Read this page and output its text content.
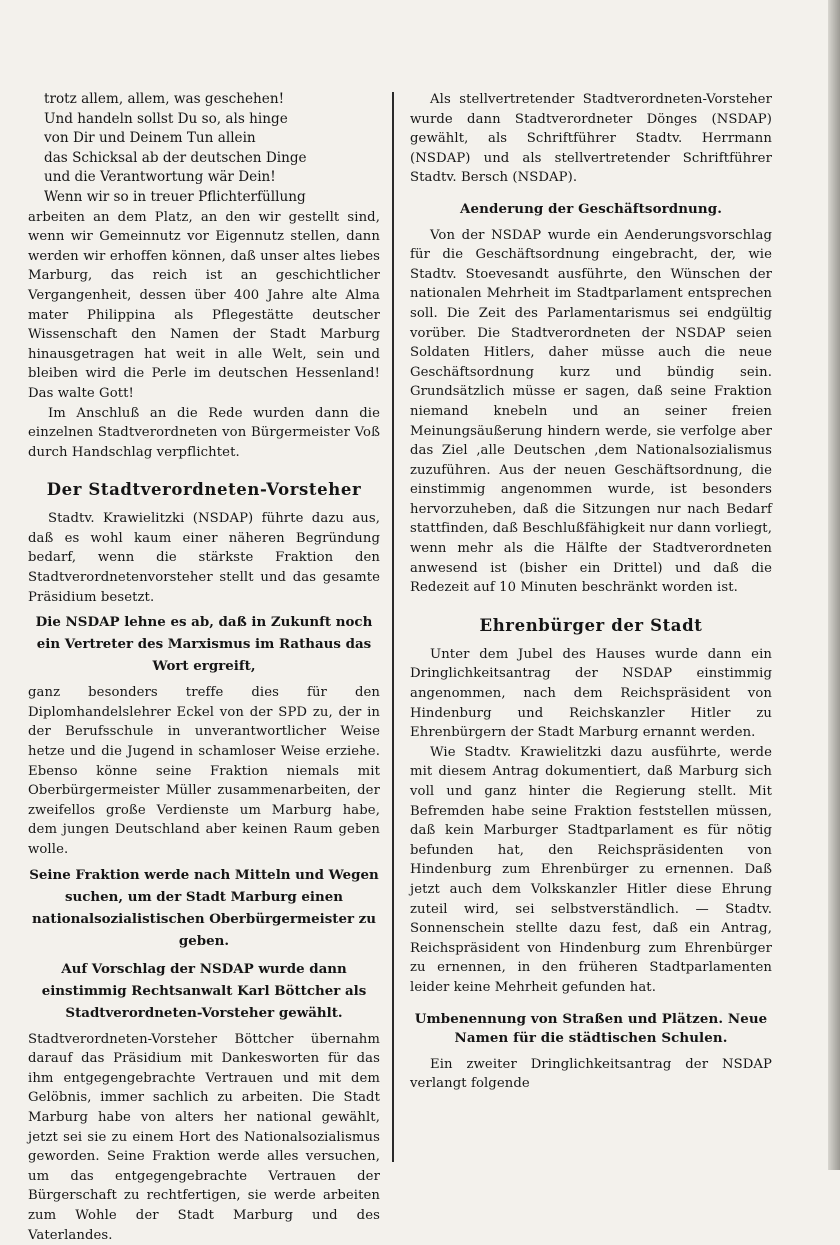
trotz allem, allem, was geschehen!
Und handeln sollst Du so, als hinge
von Dir und Deinem Tun allein
das Schicksal ab der deutschen Dinge
und die Verantwortung wär Dein!
Wenn wir so in treuer Pflichterfüllung

arbeiten an dem Platz, an den wir gestellt sind, wenn wir Gemeinnutz vor Eigennutz stellen, dann werden wir erhoffen können, daß unser altes liebes Marburg, das reich ist an geschichtlicher Vergangenheit, dessen über 400 Jahre alte Alma mater Philippina als Pflegestätte deutscher Wissenschaft den Namen der Stadt Marburg hinausgetragen hat weit in alle Welt, sein und bleiben wird die Perle im deutschen Hessenland! Das walte Gott!

Im Anschluß an die Rede wurden dann die einzelnen Stadtverordneten von Bürgermeister Voß durch Handschlag verpflichtet.

Der Stadtverordneten-Vorsteher

Stadtv. Krawielitzki (NSDAP) führte dazu aus, daß es wohl kaum einer näheren Begründung bedarf, wenn die stärkste Fraktion den Stadtverordnetenvorsteher stellt und das gesamte Präsidium besetzt.

Die NSDAP lehne es ab, daß in Zukunft noch ein Vertreter des Marxismus im Rathaus das Wort ergreift,

ganz besonders treffe dies für den Diplomhandelslehrer Eckel von der SPD zu, der in der Berufsschule in unverantwortlicher Weise hetze und die Jugend in schamloser Weise erziehe. Ebenso könne seine Fraktion niemals mit Oberbürgermeister Müller zusammenarbeiten, der zweifellos große Verdienste um Marburg habe, dem jungen Deutschland aber keinen Raum geben wolle.

Seine Fraktion werde nach Mitteln und Wegen suchen, um der Stadt Marburg einen nationalsozialistischen Oberbürgermeister zu geben.
Auf Vorschlag der NSDAP wurde dann einstimmig Rechtsanwalt Karl Böttcher als Stadtverordneten-Vorsteher gewählt.

Stadtverordneten-Vorsteher Böttcher übernahm darauf das Präsidium mit Dankesworten für das ihm entgegengebrachte Vertrauen und mit dem Gelöbnis, immer sachlich zu arbeiten. Die Stadt Marburg habe von alters her national gewählt, jetzt sei sie zu einem Hort des Nationalsozialismus geworden. Seine Fraktion werde alles versuchen, um das entgegengebrachte Vertrauen der Bürgerschaft zu rechtfertigen, sie werde arbeiten zum Wohle der Stadt Marburg und des Vaterlandes.

Als stellvertretender Stadtverordneten-Vorsteher wurde dann Stadtverordneter Dönges (NSDAP) gewählt, als Schriftführer Stadtv. Herrmann (NSDAP) und als stellvertretender Schriftführer Stadtv. Bersch (NSDAP).

Aenderung der Geschäftsordnung.

Von der NSDAP wurde ein Aenderungsvorschlag für die Geschäftsordnung eingebracht, der, wie Stadtv. Stoevesandt ausführte, den Wünschen der nationalen Mehrheit im Stadtparlament entsprechen soll. Die Zeit des Parlamentarismus sei endgültig vorüber. Die Stadtverordneten der NSDAP seien Soldaten Hitlers, daher müsse auch die neue Geschäftsordnung kurz und bündig sein. Grundsätzlich müsse er sagen, daß seine Fraktion niemand knebeln und an seiner freien Meinungsäußerung hindern werde, sie verfolge aber das Ziel ‚alle Deutschen ‚dem Nationalsozialismus zuzuführen. Aus der neuen Geschäftsordnung, die einstimmig angenommen wurde, ist besonders hervorzuheben, daß die Sitzungen nur nach Bedarf stattfinden, daß Beschlußfähigkeit nur dann vorliegt, wenn mehr als die Hälfte der Stadtverordneten anwesend ist (bisher ein Drittel) und daß die Redezeit auf 10 Minuten beschränkt worden ist.

Ehrenbürger der Stadt

Unter dem Jubel des Hauses wurde dann ein Dringlichkeitsantrag der NSDAP einstimmig angenommen, nach dem Reichspräsident von Hindenburg und Reichskanzler Hitler zu Ehrenbürgern der Stadt Marburg ernannt werden.

Wie Stadtv. Krawielitzki dazu ausführte, werde mit diesem Antrag dokumentiert, daß Marburg sich voll und ganz hinter die Regierung stellt. Mit Befremden habe seine Fraktion feststellen müssen, daß kein Marburger Stadtparlament es für nötig befunden hat, den Reichspräsidenten von Hindenburg zum Ehrenbürger zu ernennen. Daß jetzt auch dem Volkskanzler Hitler diese Ehrung zuteil wird, sei selbstverständlich. — Stadtv. Sonnenschein stellte dazu fest, daß ein Antrag, Reichspräsident von Hindenburg zum Ehrenbürger zu ernennen, in den früheren Stadtparlamenten leider keine Mehrheit gefunden hat.

Umbenennung von Straßen und Plätzen. Neue Namen für die städtischen Schulen.

Ein zweiter Dringlichkeitsantrag der NSDAP verlangt folgende
